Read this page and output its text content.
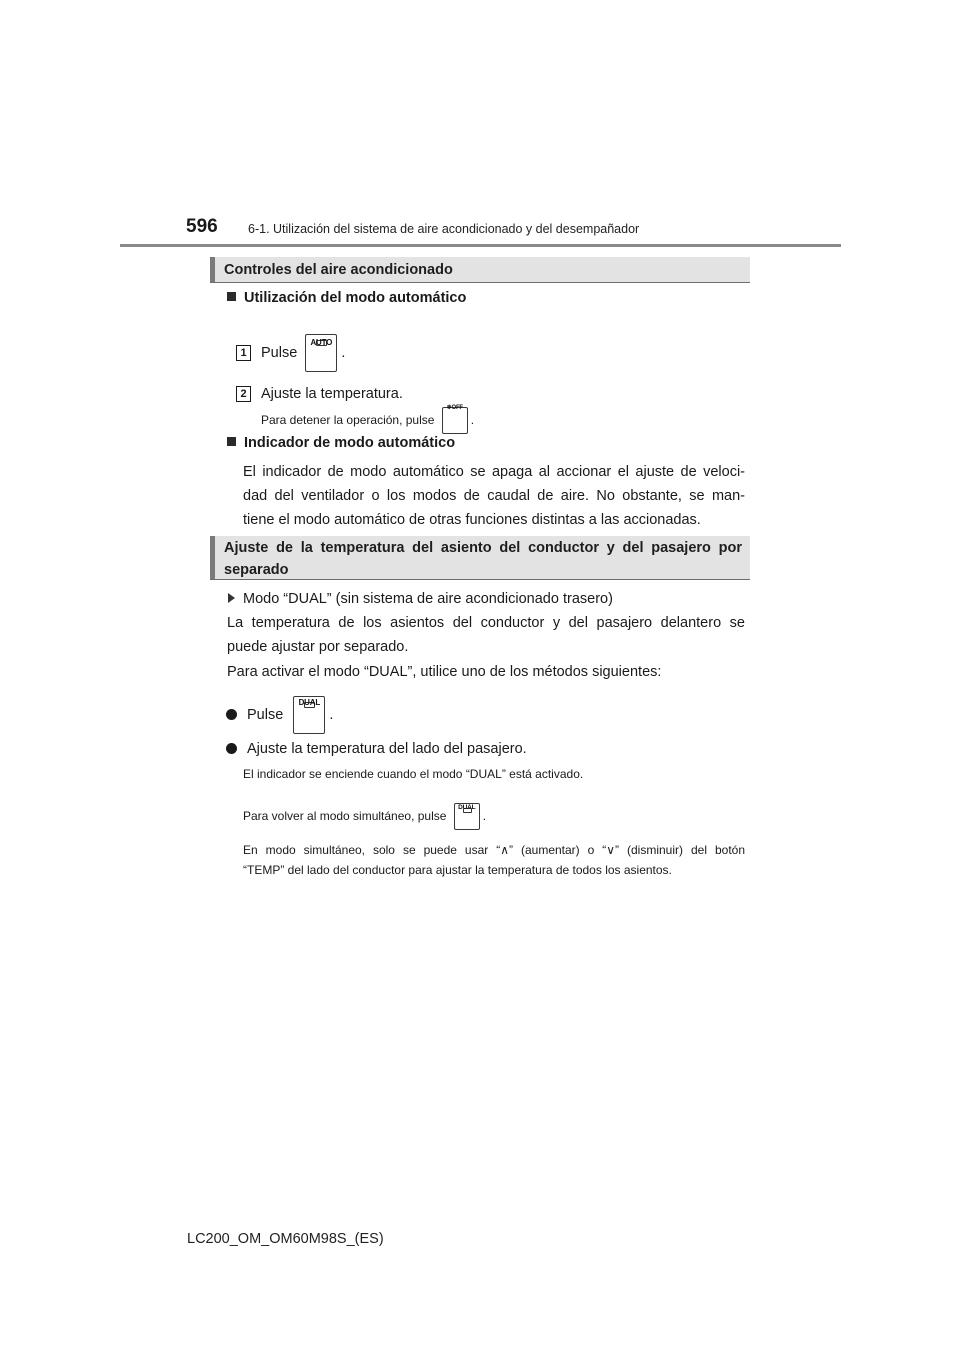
596 6-1. Utilización del sistema de aire acondicionado y del desempañador
Controles del aire acondicionado
Utilización del modo automático
1 Pulse
AUTO
.
2 Ajuste la temperatura.
Para detener la operación, pulse
❄OFF
.
Indicador de modo automático
El indicador de modo automático se apaga al accionar el ajuste de veloci-
dad del ventilador o los modos de caudal de aire. No obstante, se man-
tiene el modo automático de otras funciones distintas a las accionadas.
Ajuste de la temperatura del asiento del conductor y del pasajero por
separado
Modo “DUAL” (sin sistema de aire acondicionado trasero)
La temperatura de los asientos del conductor y del pasajero delantero se
puede ajustar por separado.
Para activar el modo “DUAL”, utilice uno de los métodos siguientes:
Pulse
DUAL
.
Ajuste la temperatura del lado del pasajero.
El indicador se enciende cuando el modo “DUAL” está activado.
Para volver al modo simultáneo, pulse
DUAL
.
En modo simultáneo, solo se puede usar “∧” (aumentar) o “∨” (disminuir) del botón
“TEMP” del lado del conductor para ajustar la temperatura de todos los asientos.
LC200_OM_OM60M98S_(ES)
